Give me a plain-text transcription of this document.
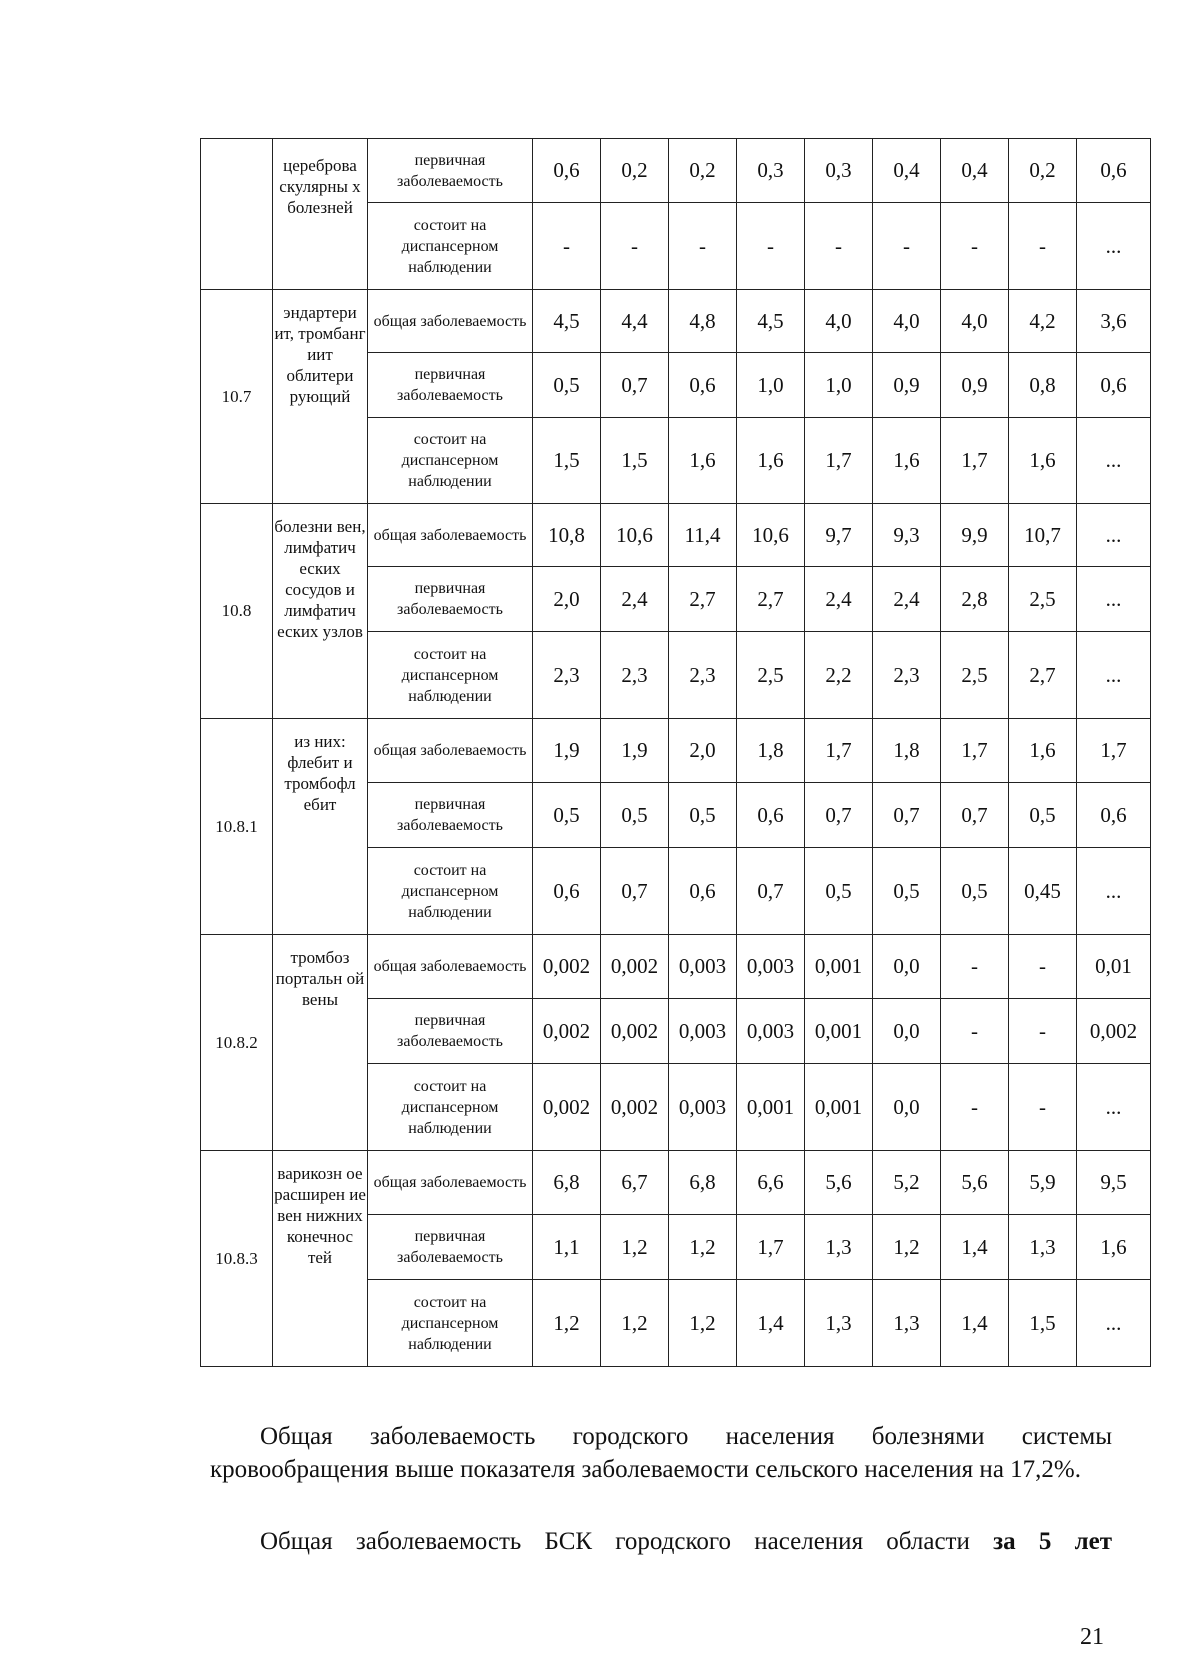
	цереброва скулярны х болезней	первичная заболеваемость	0,6	0,2	0,2	0,3	0,3	0,4	0,4	0,2	0,6
		состоит на диспансерном наблюдении	-	-	-	-	-	-	-	-	...
10.7	эндартери ит, тромбанг иит облитери рующий	общая заболеваемость	4,5	4,4	4,8	4,5	4,0	4,0	4,0	4,2	3,6
		первичная заболеваемость	0,5	0,7	0,6	1,0	1,0	0,9	0,9	0,8	0,6
		состоит на диспансерном наблюдении	1,5	1,5	1,6	1,6	1,7	1,6	1,7	1,6	...
10.8	болезни вен, лимфатич еских сосудов и лимфатич еских узлов	общая заболеваемость	10,8	10,6	11,4	10,6	9,7	9,3	9,9	10,7	...
		первичная заболеваемость	2,0	2,4	2,7	2,7	2,4	2,4	2,8	2,5	...
		состоит на диспансерном наблюдении	2,3	2,3	2,3	2,5	2,2	2,3	2,5	2,7	...
10.8.1	из них: флебит и тромбофл ебит	общая заболеваемость	1,9	1,9	2,0	1,8	1,7	1,8	1,7	1,6	1,7
		первичная заболеваемость	0,5	0,5	0,5	0,6	0,7	0,7	0,7	0,5	0,6
		состоит на диспансерном наблюдении	0,6	0,7	0,6	0,7	0,5	0,5	0,5	0,45	...
10.8.2	тромбоз портальн ой вены	общая заболеваемость	0,002	0,002	0,003	0,003	0,001	0,0	-	-	0,01
		первичная заболеваемость	0,002	0,002	0,003	0,003	0,001	0,0	-	-	0,002
		состоит на диспансерном наблюдении	0,002	0,002	0,003	0,001	0,001	0,0	-	-	...
10.8.3	варикозн ое расширен ие вен нижних конечнос тей	общая заболеваемость	6,8	6,7	6,8	6,6	5,6	5,2	5,6	5,9	9,5
		первичная заболеваемость	1,1	1,2	1,2	1,7	1,3	1,2	1,4	1,3	1,6
		состоит на диспансерном наблюдении	1,2	1,2	1,2	1,4	1,3	1,3	1,4	1,5	...

Общая заболеваемость городского населения болезнями системы кровообращения выше показателя заболеваемости сельского населения на 17,2%.

Общая заболеваемость БСК городского населения области за 5 лет

21
